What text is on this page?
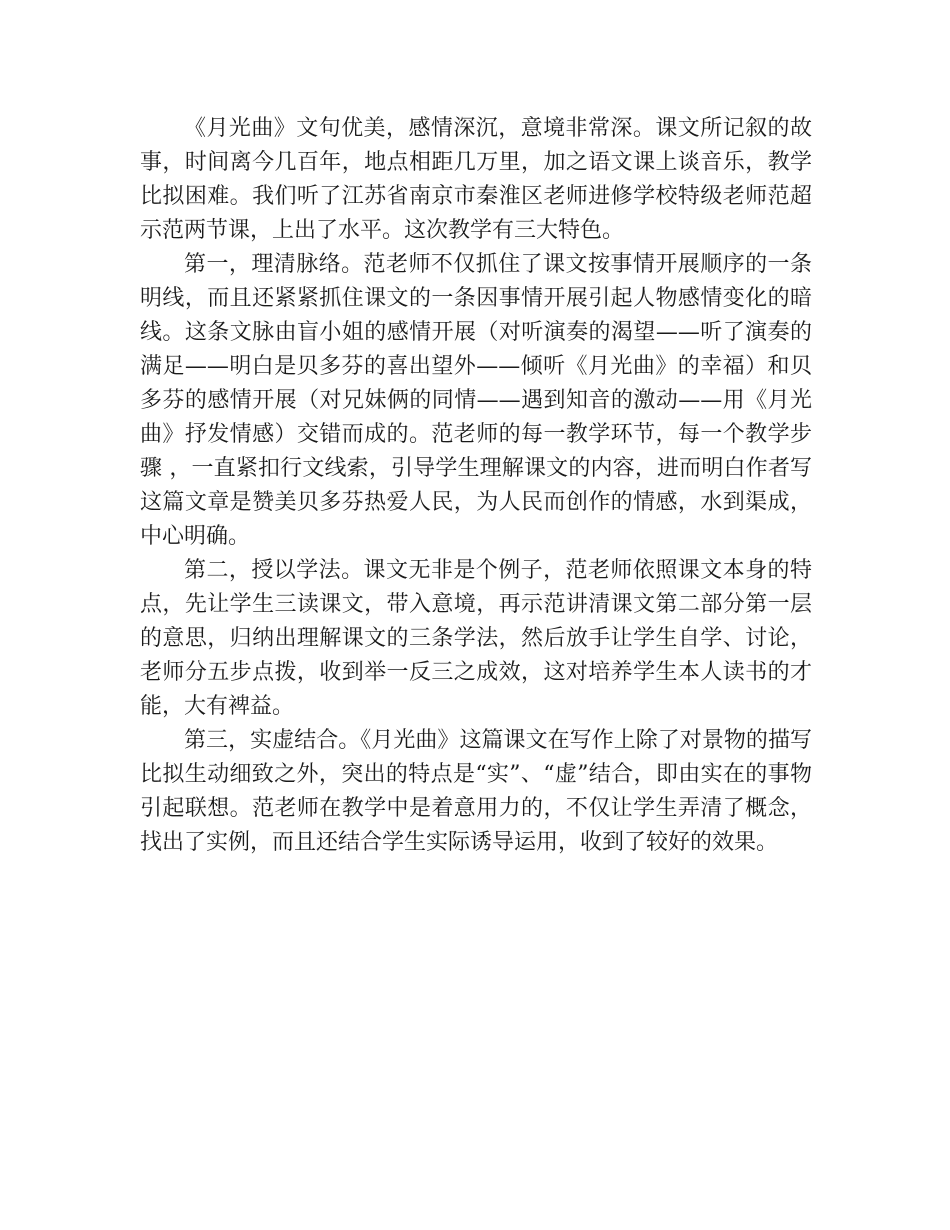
《月光曲》文句优美，感情深沉，意境非常深。课文所记叙的故事，时间离今几百年，地点相距几万里，加之语文课上谈音乐，教学比拟困难。我们听了江苏省南京市秦淮区老师进修学校特级老师范超示范两节课，上出了水平。这次教学有三大特色。

第一，理清脉络。范老师不仅抓住了课文按事情开展顺序的一条明线，而且还紧紧抓住课文的一条因事情开展引起人物感情变化的暗线。这条文脉由盲小姐的感情开展（对听演奏的渴望——听了演奏的满足——明白是贝多芬的喜出望外——倾听《月光曲》的幸福）和贝多芬的感情开展（对兄妹俩的同情——遇到知音的激动——用《月光曲》抒发情感）交错而成的。范老师的每一教学环节，每一个教学步骤 ，一直紧扣行文线索，引导学生理解课文的内容，进而明白作者写这篇文章是赞美贝多芬热爱人民，为人民而创作的情感，水到渠成，中心明确。

第二，授以学法。课文无非是个例子，范老师依照课文本身的特点，先让学生三读课文，带入意境，再示范讲清课文第二部分第一层的意思，归纳出理解课文的三条学法，然后放手让学生自学、讨论，老师分五步点拨，收到举一反三之成效，这对培养学生本人读书的才能，大有裨益。

第三，实虚结合。《月光曲》这篇课文在写作上除了对景物的描写比拟生动细致之外，突出的特点是“实”、“虚”结合，即由实在的事物引起联想。范老师在教学中是着意用力的，不仅让学生弄清了概念，找出了实例，而且还结合学生实际诱导运用，收到了较好的效果。
